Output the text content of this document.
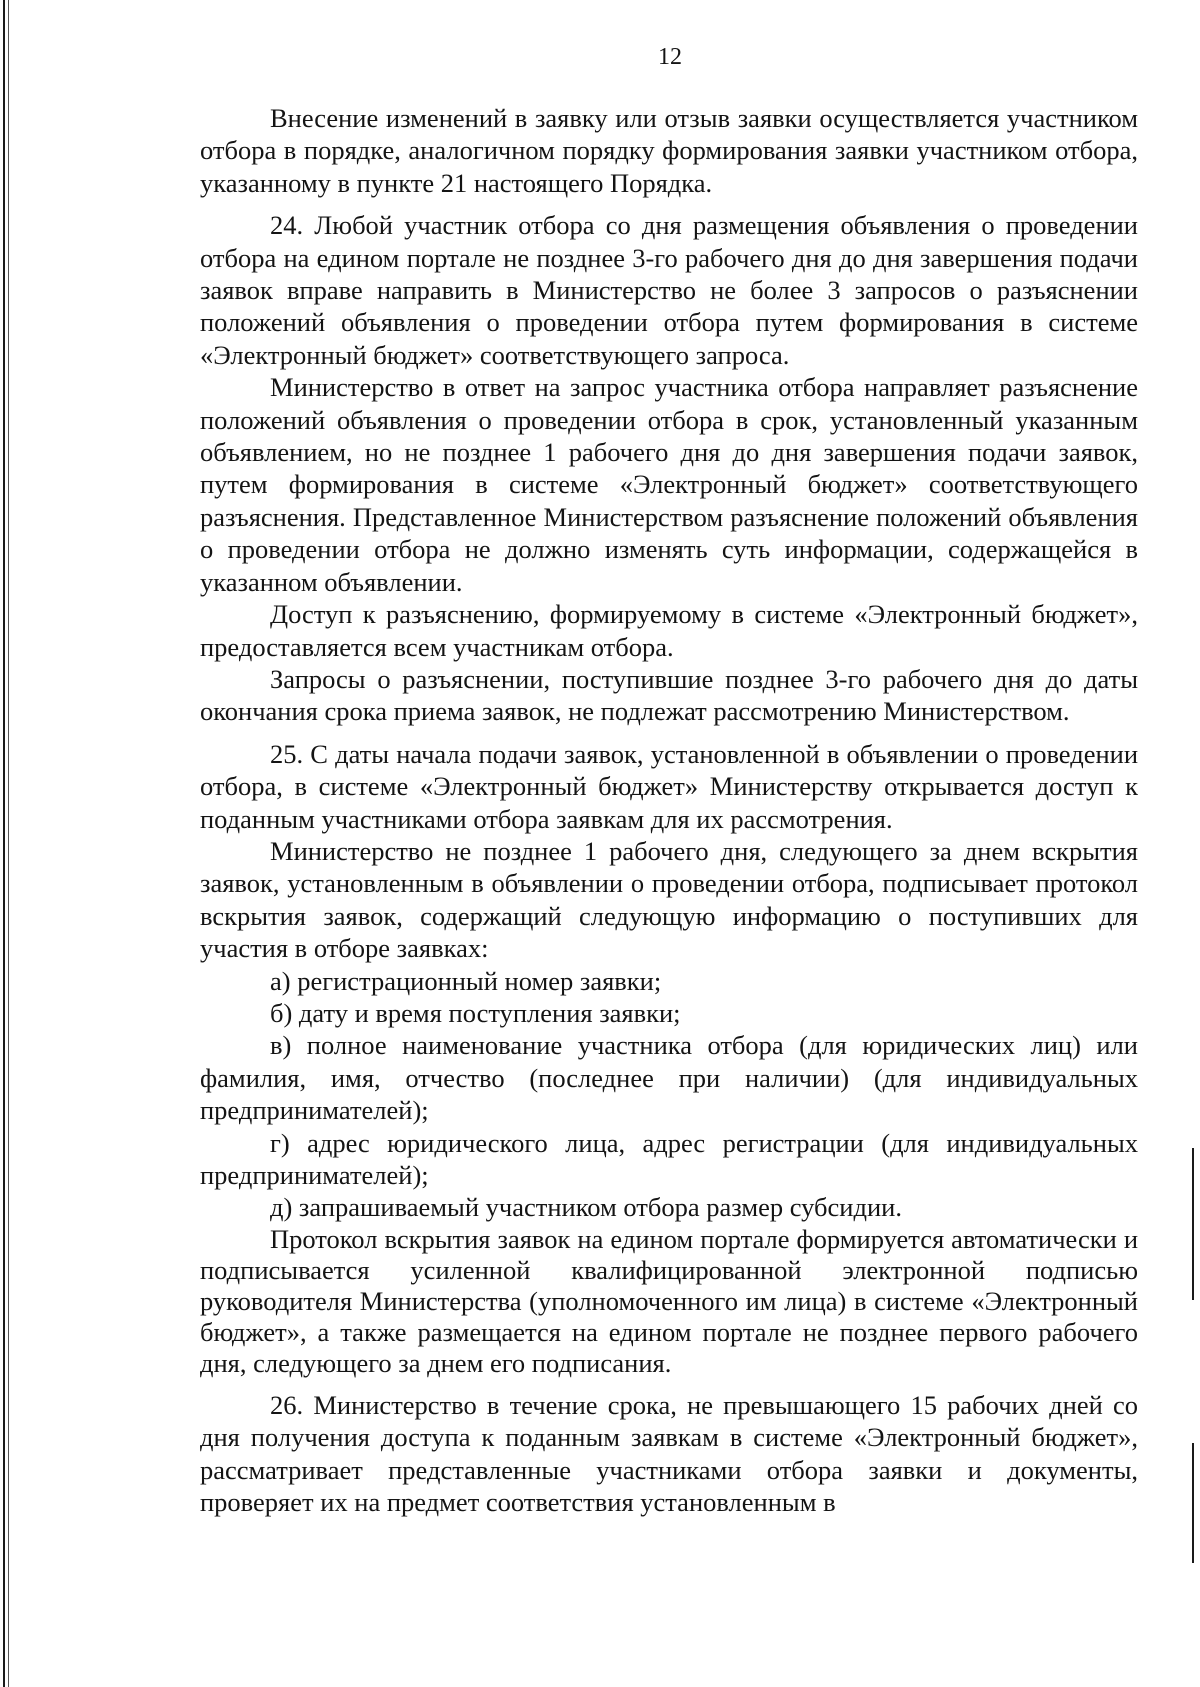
12

Внесение изменений в заявку или отзыв заявки осуществляется участником отбора в порядке, аналогичном порядку формирования заявки участником отбора, указанному в пункте 21 настоящего Порядка.

24. Любой участник отбора со дня размещения объявления о проведении отбора на едином портале не позднее 3-го рабочего дня до дня завершения подачи заявок вправе направить в Министерство не более 3 запросов о разъяснении положений объявления о проведении отбора путем формирования в системе «Электронный бюджет» соответствующего запроса.

Министерство в ответ на запрос участника отбора направляет разъяснение положений объявления о проведении отбора в срок, установленный указанным объявлением, но не позднее 1 рабочего дня до дня завершения подачи заявок, путем формирования в системе «Электронный бюджет» соответствующего разъяснения. Представленное Министерством разъяснение положений объявления о проведении отбора не должно изменять суть информации, содержащейся в указанном объявлении.

Доступ к разъяснению, формируемому в системе «Электронный бюджет», предоставляется всем участникам отбора.

Запросы о разъяснении, поступившие позднее 3-го рабочего дня до даты окончания срока приема заявок, не подлежат рассмотрению Министерством.

25. С даты начала подачи заявок, установленной в объявлении о проведении отбора, в системе «Электронный бюджет» Министерству открывается доступ к поданным участниками отбора заявкам для их рассмотрения.

Министерство не позднее 1 рабочего дня, следующего за днем вскрытия заявок, установленным в объявлении о проведении отбора, подписывает протокол вскрытия заявок, содержащий следующую информацию о поступивших для участия в отборе заявках:

а) регистрационный номер заявки;

б) дату и время поступления заявки;

в) полное наименование участника отбора (для юридических лиц) или фамилия, имя, отчество (последнее при наличии) (для индивидуальных предпринимателей);

г) адрес юридического лица, адрес регистрации (для индивидуальных предпринимателей);

д) запрашиваемый участником отбора размер субсидии.

Протокол вскрытия заявок на едином портале формируется автоматически и подписывается усиленной квалифицированной электронной подписью руководителя Министерства (уполномоченного им лица) в системе «Электронный бюджет», а также размещается на едином портале не позднее первого рабочего дня, следующего за днем его подписания.

26. Министерство в течение срока, не превышающего 15 рабочих дней со дня получения доступа к поданным заявкам в системе «Электронный бюджет», рассматривает представленные участниками отбора заявки и документы, проверяет их на предмет соответствия установленным в
